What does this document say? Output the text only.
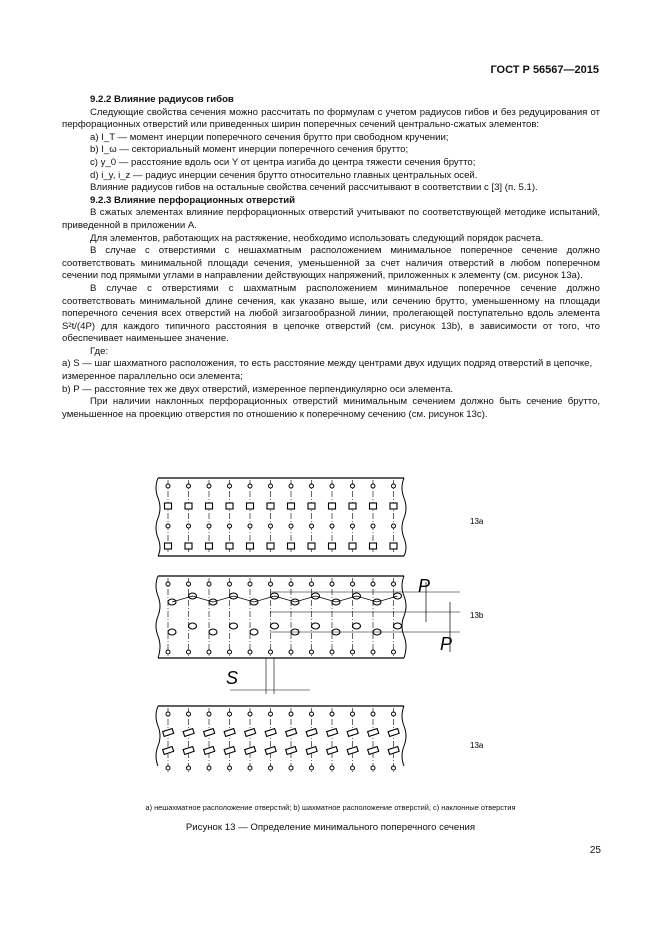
ГОСТ Р 56567—2015

9.2.2 Влияние радиусов гибов

Следующие свойства сечения можно рассчитать по формулам с учетом радиусов гибов и без редуцирования от перфорационных отверстий или приведенных ширин поперечных сечений центрально-сжатых элементов:

a) I_T — момент инерции поперечного сечения брутто при свободном кручении;

b) I_ω — секториальный момент инерции поперечного сечения брутто;

c) y_0 — расстояние вдоль оси Y от центра изгиба до центра тяжести сечения брутто;

d) i_y, i_z — радиус инерции сечения брутто относительно главных центральных осей.

Влияние радиусов гибов на остальные свойства сечений рассчитывают в соответствии с [3] (п. 5.1).

9.2.3 Влияние перфорационных отверстий

В сжатых элементах влияние перфорационных отверстий учитывают по соответствующей методике испытаний, приведенной в приложении А.

Для элементов, работающих на растяжение, необходимо использовать следующий порядок расчета.

В случае с отверстиями с нешахматным расположением минимальное поперечное сечение должно соответствовать минимальной площади сечения, уменьшенной за счет наличия отверстий в любом поперечном сечении под прямыми углами в направлении действующих напряжений, приложенных к элементу (см. рисунок 13a).

В случае с отверстиями с шахматным расположением минимальное поперечное сечение должно соответствовать минимальной длине сечения, как указано выше, или сечению брутто, уменьшенному на площади поперечного сечения всех отверстий на любой зигзагообразной линии, пролегающей поступательно вдоль элемента S²t/(4P) для каждого типичного расстояния в цепочке отверстий (см. рисунок 13b), в зависимости от того, что обеспечивает наименьшее значение.

Где:

a) S — шаг шахматного расположения, то есть расстояние между центрами двух идущих подряд отверстий в цепочке, измеренное параллельно оси элемента;

b) P — расстояние тех же двух отверстий, измеренное перпендикулярно оси элемента.

При наличии наклонных перфорационных отверстий минимальным сечением должно быть сечение брутто, уменьшенное на проекцию отверстия по отношению к поперечному сечению (см. рисунок 13c).

13a
P
P
S
13b
13a
а) нешахматное расположение отверстий; b) шахматное расположение отверстий, c) наклонные отверстия
Рисунок 13 — Определение минимального поперечного сечения
25
